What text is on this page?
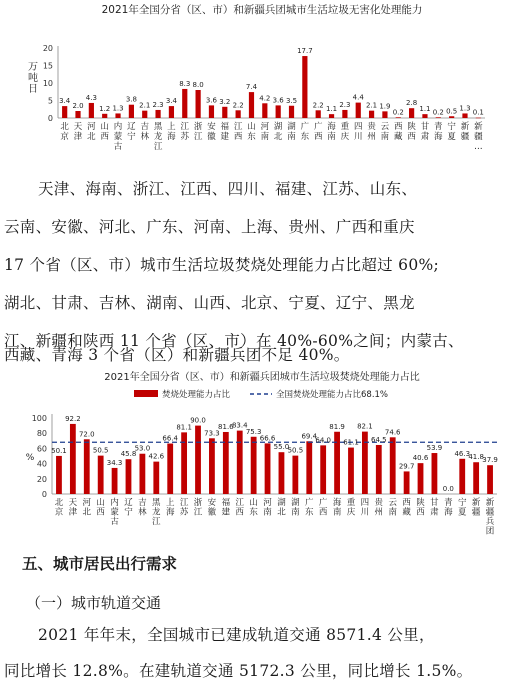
2021年全国分省（区、市）和新疆兵团城市生活垃圾无害化处理能力
万
吨
日
0
5
10
15
20
3.4
2.0
4.3
1.2 1.3
3.8
2.1 2.3 3.4
8.3 8.0
3.6 3.2 2.2
7.4
4.2 3.6 3.5
17.7
2.2 1.1
2.3
4.4
2.1 1.9
0.2
2.8
1.1 0.2 0.5 1.3
0.1
北
京
天
津
河
北
山
西
内
蒙
古
辽
宁
吉
林
黑
龙
江
上
海
江
苏
浙
江
安
徽
福
建
江
西
山
东
河
南
湖
北
湖
南
广
东
广
西
海
南
重
庆
四
川
贵
州
云
南
西
藏
陕
西
甘
肃
青
海
宁
夏
新
疆
新
疆
…
天津、海南、浙江、江西、四川、福建、江苏、山东、
云南、安徽、河北、广东、河南、上海、贵州、广西和重庆
17 个省（区、市）城市生活垃圾焚烧处理能力占比超过 60%;
湖北、甘肃、吉林、湖南、山西、北京、宁夏、辽宁、黑龙
江、新疆和陕西 11 个省（区、市）在 40%-60%之间；内蒙古、
西藏、青海 3 个省（区）和新疆兵团不足 40%。
2021年全国分省（区、市）和新疆兵团城市生活垃圾焚烧处理能力占比
焚烧处理能力占比	全国焚烧处理能力占比68.1%
%
0
20
40
60
80
100
50.1
92.2
72.0
50.5
34.3
45.8
53.0
42.6
66.4
81.1
90.0
73.3
81.6
83.4
75.3
66.6
55.0
50.5
69.4
64.0
81.9
61.1
82.1
64.5
74.6
29.7
40.6
53.9
0.0
46.3
41.8
37.9
北
京
天
津
河
北
山
西
内
蒙
古
辽
宁
吉
林
黑
龙
江
上
海
江
苏
浙
江
安
徽
福
建
江
西
山
东
河
南
湖
北
湖
南
广
东
广
西
海
南
重
庆
四
川
贵
州
云
南
西
藏
陕
西
甘
肃
青
海
宁
夏
新
疆
新
疆
兵
团
五、城市居民出行需求
（一）城市轨道交通
2021 年年末，全国城市已建成轨道交通 8571.4 公里，
同比增长 12.8%。在建轨道交通 5172.3 公里，同比增长 1.5%。
